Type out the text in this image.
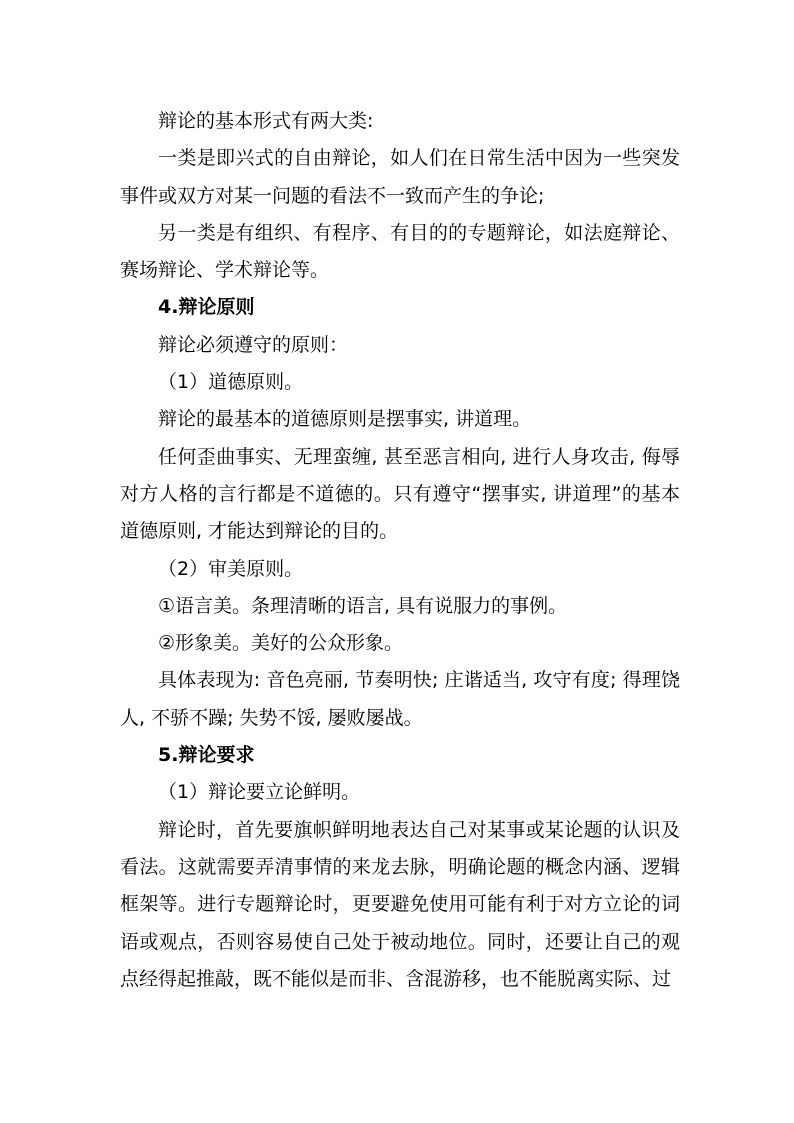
辩论的基本形式有两大类:

一类是即兴式的自由辩论，如人们在日常生活中因为一些突发事件或双方对某一问题的看法不一致而产生的争论;

另一类是有组织、有程序、有目的的专题辩论，如法庭辩论、赛场辩论、学术辩论等。

4.辩论原则

辩论必须遵守的原则：

（1）道德原则。

辩论的最基本的道德原则是摆事实, 讲道理。

任何歪曲事实、无理蛮缠, 甚至恶言相向, 进行人身攻击, 侮辱对方人格的言行都是不道德的。只有遵守“摆事实, 讲道理”的基本道德原则, 才能达到辩论的目的。

（2）审美原则。

①语言美。条理清晰的语言, 具有说服力的事例。

②形象美。美好的公众形象。

具体表现为: 音色亮丽, 节奏明快; 庄谐适当, 攻守有度; 得理饶人, 不骄不躁; 失势不馁, 屡败屡战。

5.辩论要求

（1）辩论要立论鲜明。

辩论时，首先要旗帜鲜明地表达自己对某事或某论题的认识及看法。这就需要弄清事情的来龙去脉，明确论题的概念内涵、逻辑框架等。进行专题辩论时，更要避免使用可能有利于对方立论的词语或观点，否则容易使自己处于被动地位。同时，还要让自己的观点经得起推敲，既不能似是而非、含混游移，也不能脱离实际、过
